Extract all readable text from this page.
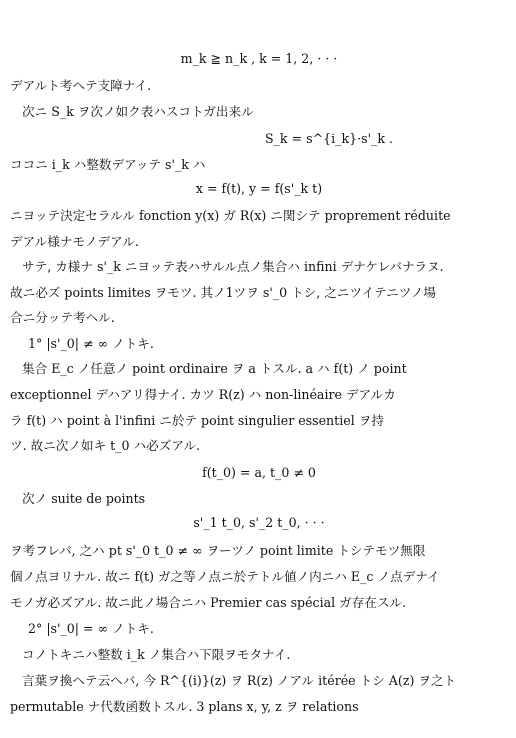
m_k ≧ n_k , k = 1, 2, · · ·
デアルト考ヘテ支障ナイ.
次ニ S_k ヲ次ノ如ク表ハスコトガ出来ル
S_k = s^{i_k}·s'_k .
ココニ i_k ハ整数デアッテ s'_k ハ
x = f(t), y = f(s'_k t)
ニヨッテ決定セラルル fonction y(x) ガ R(x) ニ関シテ proprement réduite
デアル様ナモノデアル.
サテ, カ様ナ s'_k ニヨッテ表ハサルル点ノ集合ハ infini デナケレバナラヌ.
故ニ必ズ points limites ヲモツ. 其ノ1ツヲ s'_0 トシ, 之ニツイテニツノ場
合ニ分ッテ考ヘル.
1° |s'_0| ≠ ∞ ノトキ.
集合 E_c ノ任意ノ point ordinaire ヲ a トスル. a ハ f(t) ノ point
exceptionnel デハアリ得ナイ. カツ R(z) ハ non-linéaire デアルカ
ラ f(t) ハ point à l'infini ニ於テ point singulier essentiel ヲ持
ツ. 故ニ次ノ如キ t_0 ハ必ズアル.
f(t_0) = a, t_0 ≠ 0
次ノ suite de points
s'_1 t_0, s'_2 t_0, · · ·
ヲ考フレバ, 之ハ pt s'_0 t_0 ≠ ∞ ヲーツノ point limite トシテモツ無限
個ノ点ヨリナル. 故ニ f(t) ガ之等ノ点ニ於テトル値ノ内ニハ E_c ノ点デナイ
モノガ必ズアル. 故ニ此ノ場合ニハ Premier cas spécial ガ存在スル.
2° |s'_0| = ∞ ノトキ.
コノトキニハ整数 i_k ノ集合ハ下限ヲモタナイ.
言葉ヲ換ヘテ云ヘバ, 今 R^{(i)}(z) ヲ R(z) ノアル itérée トシ A(z) ヲ之ト
permutable ナ代数函数トスル. 3 plans x, y, z ヲ relations
